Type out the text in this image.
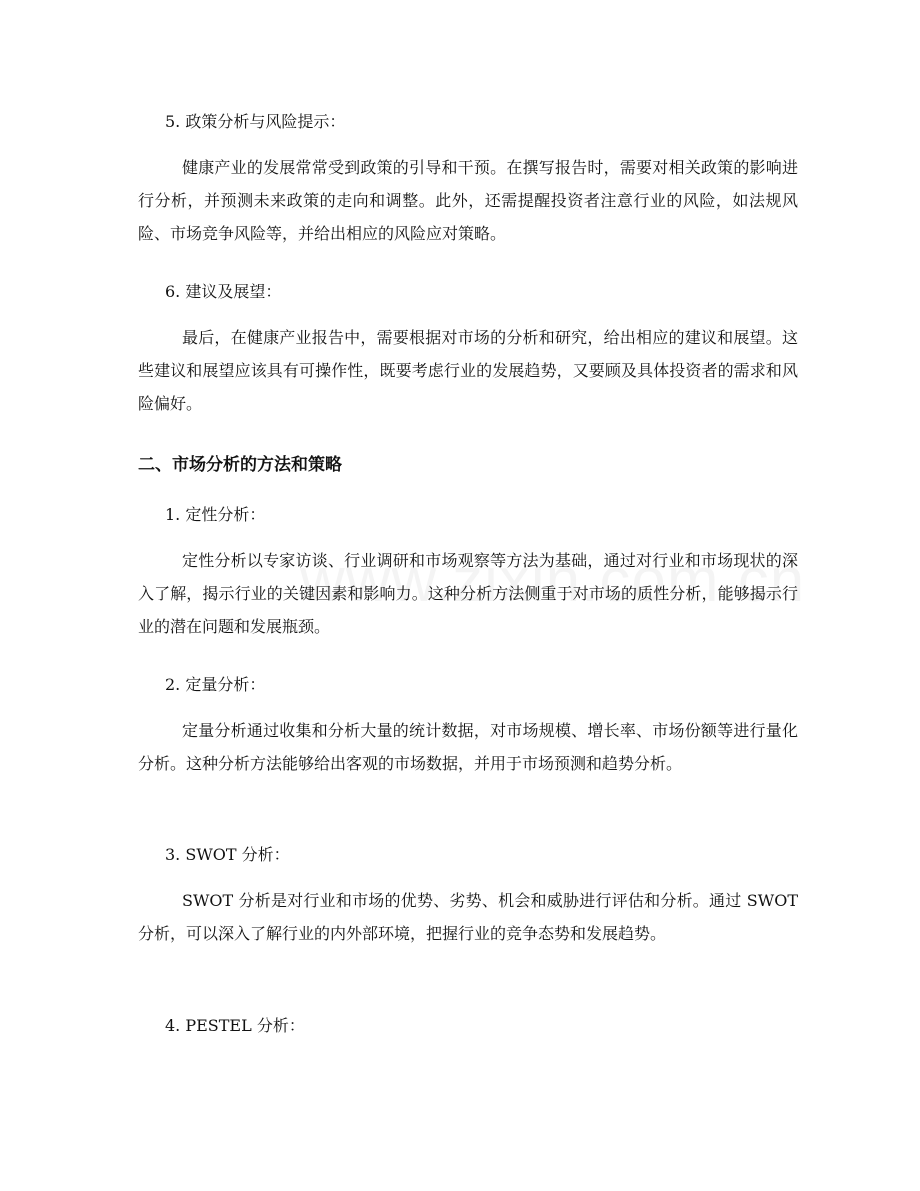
5. 政策分析与风险提示：

健康产业的发展常常受到政策的引导和干预。在撰写报告时，需要对相关政策的影响进行分析，并预测未来政策的走向和调整。此外，还需提醒投资者注意行业的风险，如法规风险、市场竞争风险等，并给出相应的风险应对策略。

6. 建议及展望：

最后，在健康产业报告中，需要根据对市场的分析和研究，给出相应的建议和展望。这些建议和展望应该具有可操作性，既要考虑行业的发展趋势，又要顾及具体投资者的需求和风险偏好。

二、市场分析的方法和策略

1. 定性分析：

定性分析以专家访谈、行业调研和市场观察等方法为基础，通过对行业和市场现状的深入了解，揭示行业的关键因素和影响力。这种分析方法侧重于对市场的质性分析，能够揭示行业的潜在问题和发展瓶颈。

2. 定量分析：

定量分析通过收集和分析大量的统计数据，对市场规模、增长率、市场份额等进行量化分析。这种分析方法能够给出客观的市场数据，并用于市场预测和趋势分析。

3. SWOT 分析：

SWOT 分析是对行业和市场的优势、劣势、机会和威胁进行评估和分析。通过 SWOT 分析，可以深入了解行业的内外部环境，把握行业的竞争态势和发展趋势。

4. PESTEL 分析：
